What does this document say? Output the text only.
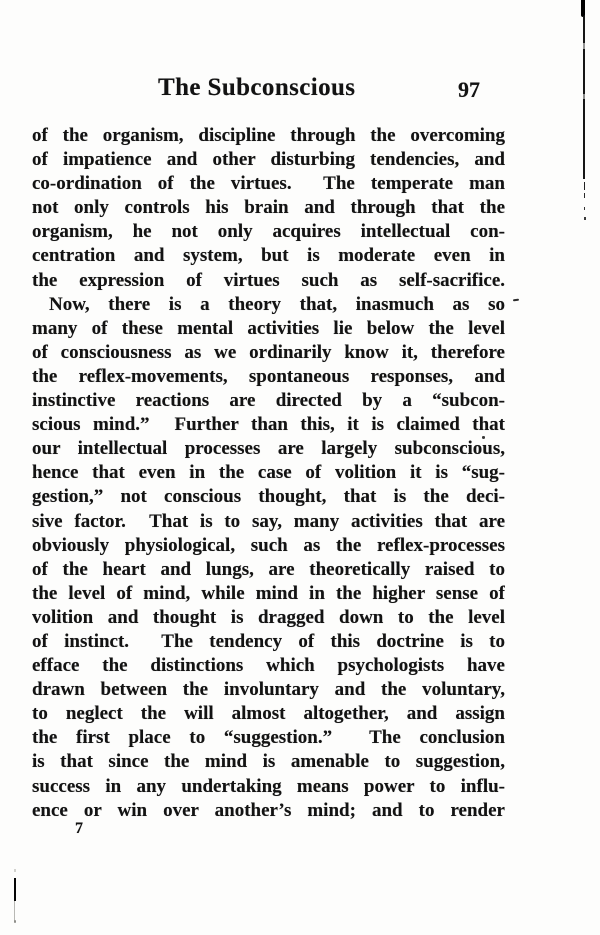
The Subconscious	97
of the organism, discipline through the overcoming
of impatience and other disturbing tendencies, and
co-ordination of the virtues.  The temperate man
not only controls his brain and through that the
organism, he not only acquires intellectual con-
centration and system, but is moderate even in
the expression of virtues such as self-sacrifice.
Now, there is a theory that, inasmuch as so
many of these mental activities lie below the level
of consciousness as we ordinarily know it, therefore
the reflex-movements, spontaneous responses, and
instinctive reactions are directed by a “subcon-
scious mind.”  Further than this, it is claimed that
our intellectual processes are largely subconscious,
hence that even in the case of volition it is “sug-
gestion,” not conscious thought, that is the deci-
sive factor.  That is to say, many activities that are
obviously physiological, such as the reflex-processes
of the heart and lungs, are theoretically raised to
the level of mind, while mind in the higher sense of
volition and thought is dragged down to the level
of instinct.  The tendency of this doctrine is to
efface the distinctions which psychologists have
drawn between the involuntary and the voluntary,
to neglect the will almost altogether, and assign
the first place to “suggestion.”  The conclusion
is that since the mind is amenable to suggestion,
success in any undertaking means power to influ-
ence or win over another’s mind; and to render
7
